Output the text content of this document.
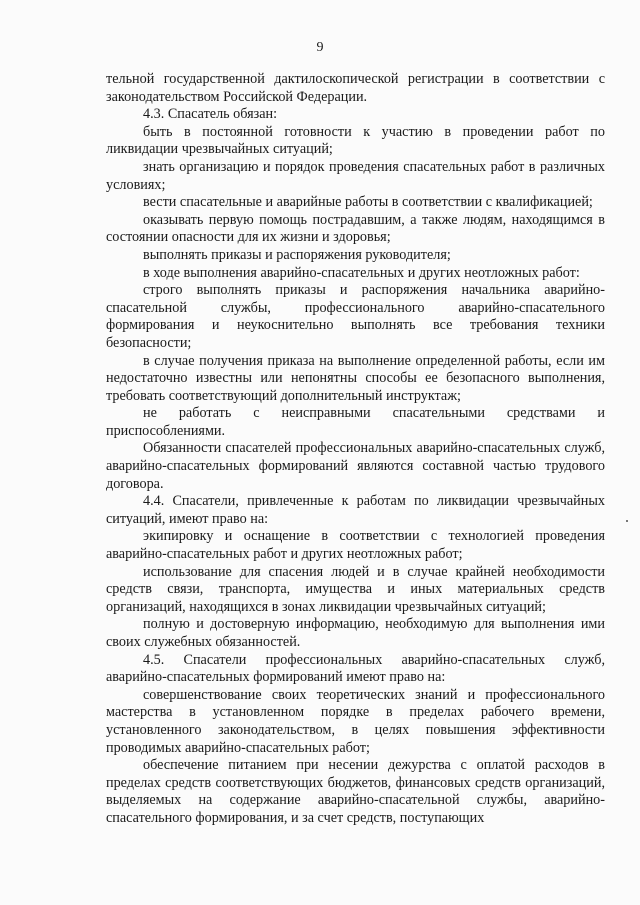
9

тельной государственной дактилоскопической регистрации в соответствии с законодательством Российской Федерации.

4.3. Спасатель обязан:

быть в постоянной готовности к участию в проведении работ по ликвидации чрезвычайных ситуаций;

знать организацию и порядок проведения спасательных работ в различных условиях;

вести спасательные и аварийные работы в соответствии с квалификацией;

оказывать первую помощь пострадавшим, а также людям, находящимся в состоянии опасности для их жизни и здоровья;

выполнять приказы и распоряжения руководителя;

в ходе выполнения аварийно-спасательных и других неотложных работ:

строго выполнять приказы и распоряжения начальника аварийно-спасательной службы, профессионального аварийно-спасательного формирования и неукоснительно выполнять все требования техники безопасности;

в случае получения приказа на выполнение определенной работы, если им недостаточно известны или непонятны способы ее безопасного выполнения, требовать соответствующий дополнительный инструктаж;

не работать с неисправными спасательными средствами и приспособлениями.

Обязанности спасателей профессиональных аварийно-спасательных служб, аварийно-спасательных формирований являются составной частью трудового договора.

4.4. Спасатели, привлеченные к работам по ликвидации чрезвычайных ситуаций, имеют право на:

экипировку и оснащение в соответствии с технологией проведения аварийно-спасательных работ и других неотложных работ;

использование для спасения людей и в случае крайней необходимости средств связи, транспорта, имущества и иных материальных средств организаций, находящихся в зонах ликвидации чрезвычайных ситуаций;

полную и достоверную информацию, необходимую для выполнения ими своих служебных обязанностей.

4.5. Спасатели профессиональных аварийно-спасательных служб, аварийно-спасательных формирований имеют право на:

совершенствование своих теоретических знаний и профессионального мастерства в установленном порядке в пределах рабочего времени, установленного законодательством, в целях повышения эффективности проводимых аварийно-спасательных работ;

обеспечение питанием при несении дежурства с оплатой расходов в пределах средств соответствующих бюджетов, финансовых средств организаций, выделяемых на содержание аварийно-спасательной службы, аварийно-спасательного формирования, и за счет средств, поступающих
